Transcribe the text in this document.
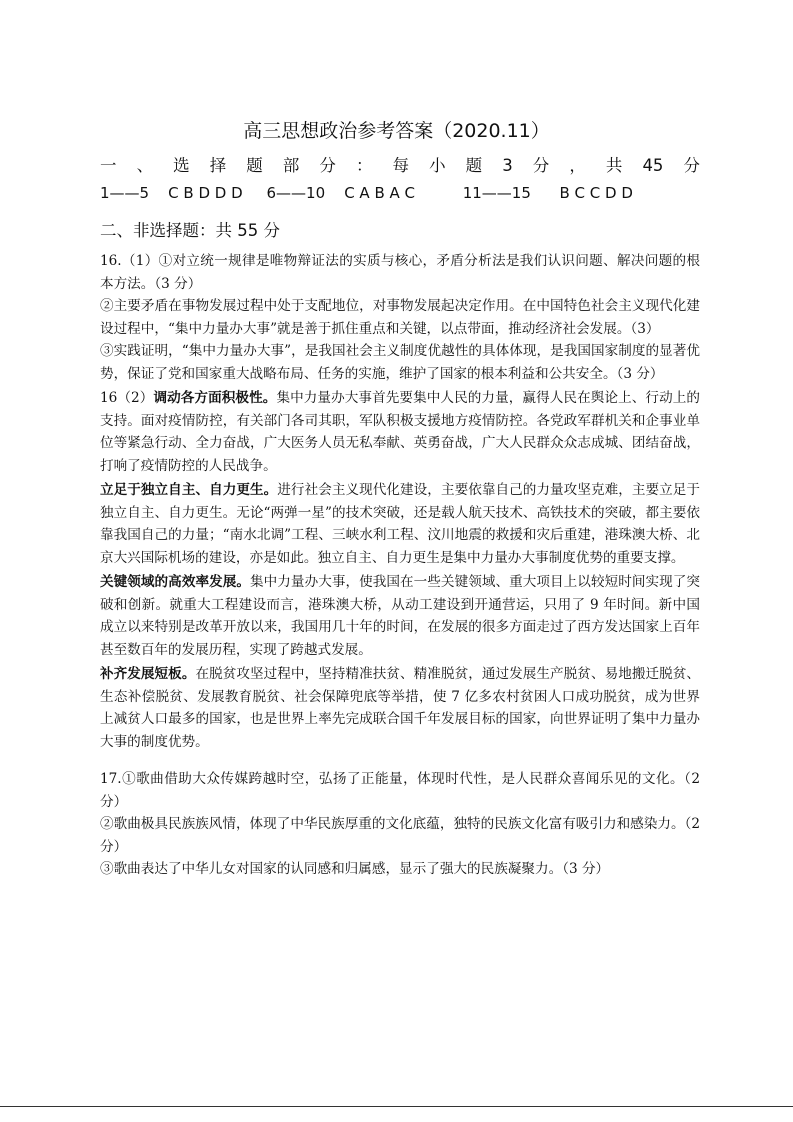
高三思想政治参考答案（2020.11）
一 、 选 择 题 部 分 ： 每 小 题 3 分 ， 共 45 分
1——5    C B D D D     6——10    C A B A C          11——15      B C C D D
二、非选择题：共 55 分

16.（1）①对立统一规律是唯物辩证法的实质与核心，矛盾分析法是我们认识问题、解决问题的根本方法。（3 分）

②主要矛盾在事物发展过程中处于支配地位，对事物发展起决定作用。在中国特色社会主义现代化建设过程中，“集中力量办大事”就是善于抓住重点和关键，以点带面，推动经济社会发展。（3）

③实践证明，“集中力量办大事”，是我国社会主义制度优越性的具体体现，是我国国家制度的显著优势，保证了党和国家重大战略布局、任务的实施，维护了国家的根本利益和公共安全。（3 分）

16（2）调动各方面积极性。集中力量办大事首先要集中人民的力量，赢得人民在舆论上、行动上的支持。面对疫情防控，有关部门各司其职，军队积极支援地方疫情防控。各党政军群机关和企事业单位等紧急行动、全力奋战，广大医务人员无私奉献、英勇奋战，广大人民群众众志成城、团结奋战，打响了疫情防控的人民战争。

立足于独立自主、自力更生。进行社会主义现代化建设，主要依靠自己的力量攻坚克难，主要立足于独立自主、自力更生。无论“两弹一星”的技术突破，还是载人航天技术、高铁技术的突破，都主要依靠我国自己的力量；“南水北调”工程、三峡水利工程、汶川地震的救援和灾后重建，港珠澳大桥、北京大兴国际机场的建设，亦是如此。独立自主、自力更生是集中力量办大事制度优势的重要支撑。

关键领域的高效率发展。集中力量办大事，使我国在一些关键领域、重大项目上以较短时间实现了突破和创新。就重大工程建设而言，港珠澳大桥，从动工建设到开通营运，只用了 9 年时间。新中国成立以来特别是改革开放以来，我国用几十年的时间，在发展的很多方面走过了西方发达国家上百年甚至数百年的发展历程，实现了跨越式发展。

补齐发展短板。在脱贫攻坚过程中，坚持精准扶贫、精准脱贫，通过发展生产脱贫、易地搬迁脱贫、生态补偿脱贫、发展教育脱贫、社会保障兜底等举措，使 7 亿多农村贫困人口成功脱贫，成为世界上减贫人口最多的国家，也是世界上率先完成联合国千年发展目标的国家，向世界证明了集中力量办大事的制度优势。

17.①歌曲借助大众传媒跨越时空，弘扬了正能量，体现时代性，是人民群众喜闻乐见的文化。（2 分）

②歌曲极具民族族风情，体现了中华民族厚重的文化底蕴，独特的民族文化富有吸引力和感染力。（2 分）

③歌曲表达了中华儿女对国家的认同感和归属感，显示了强大的民族凝聚力。（3 分）
